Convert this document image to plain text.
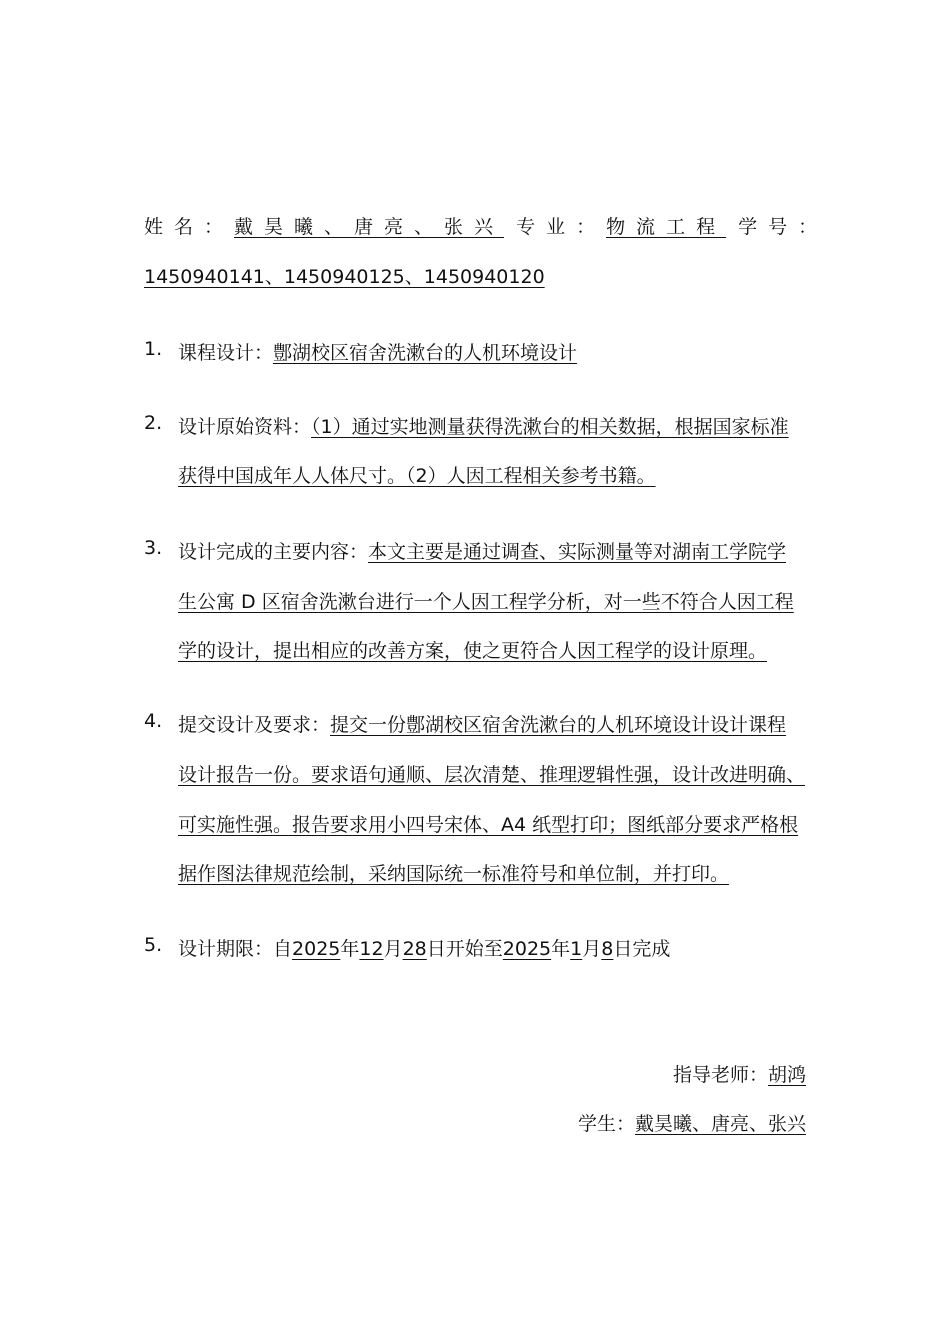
姓名：戴昊曦、唐亮、张兴 专业：物流工程 学号：
1450940141、1450940125、1450940120
1. 课程设计：鄷湖校区宿舍洗漱台的人机环境设计
2. 设计原始资料：（1）通过实地测量获得洗漱台的相关数据，根据国家标准
获得中国成年人人体尺寸。（2）人因工程相关参考书籍。
3. 设计完成的主要内容：本文主要是通过调查、实际测量等对湖南工学院学
生公寓 D 区宿舍洗漱台进行一个人因工程学分析，对一些不符合人因工程
学的设计，提出相应的改善方案，使之更符合人因工程学的设计原理。
4. 提交设计及要求：提交一份鄷湖校区宿舍洗漱台的人机环境设计设计课程
设计报告一份。要求语句通顺、层次清楚、推理逻辑性强，设计改进明确、
可实施性强。报告要求用小四号宋体、A4 纸型打印；图纸部分要求严格根
据作图法律规范绘制，采纳国际统一标准符号和单位制，并打印。
5. 设计期限：自2025年12月28日开始至2025年1月8日完成
指导老师：胡鸿
学生：戴昊曦、唐亮、张兴
